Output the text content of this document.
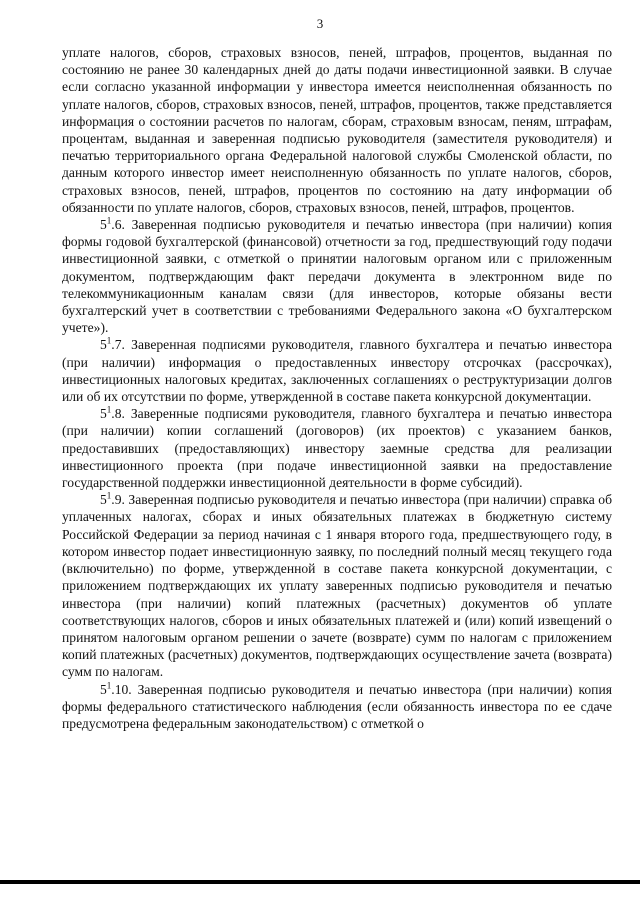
3

уплате налогов, сборов, страховых взносов, пеней, штрафов, процентов, выданная по состоянию не ранее 30 календарных дней до даты подачи инвестиционной заявки. В случае если согласно указанной информации у инвестора имеется неисполненная обязанность по уплате налогов, сборов, страховых взносов, пеней, штрафов, процентов, также представляется информация о состоянии расчетов по налогам, сборам, страховым взносам, пеням, штрафам, процентам, выданная и заверенная подписью руководителя (заместителя руководителя) и печатью территориального органа Федеральной налоговой службы Смоленской области, по данным которого инвестор имеет неисполненную обязанность по уплате налогов, сборов, страховых взносов, пеней, штрафов, процентов по состоянию на дату информации об обязанности по уплате налогов, сборов, страховых взносов, пеней, штрафов, процентов.

$5^1.6$. Заверенная подписью руководителя и печатью инвестора (при наличии) копия формы годовой бухгалтерской (финансовой) отчетности за год, предшествующий году подачи инвестиционной заявки, с отметкой о принятии налоговым органом или с приложенным документом, подтверждающим факт передачи документа в электронном виде по телекоммуникационным каналам связи (для инвесторов, которые обязаны вести бухгалтерский учет в соответствии с требованиями Федерального закона «О бухгалтерском учете»).

$5^1.7$. Заверенная подписями руководителя, главного бухгалтера и печатью инвестора (при наличии) информация о предоставленных инвестору отсрочках (рассрочках), инвестиционных налоговых кредитах, заключенных соглашениях о реструктуризации долгов или об их отсутствии по форме, утвержденной в составе пакета конкурсной документации.

$5^1.8$. Заверенные подписями руководителя, главного бухгалтера и печатью инвестора (при наличии) копии соглашений (договоров) (их проектов) с указанием банков, предоставивших (предоставляющих) инвестору заемные средства для реализации инвестиционного проекта (при подаче инвестиционной заявки на предоставление государственной поддержки инвестиционной деятельности в форме субсидий).

$5^1.9$. Заверенная подписью руководителя и печатью инвестора (при наличии) справка об уплаченных налогах, сборах и иных обязательных платежах в бюджетную систему Российской Федерации за период начиная с 1 января второго года, предшествующего году, в котором инвестор подает инвестиционную заявку, по последний полный месяц текущего года (включительно) по форме, утвержденной в составе пакета конкурсной документации, с приложением подтверждающих их уплату заверенных подписью руководителя и печатью инвестора (при наличии) копий платежных (расчетных) документов об уплате соответствующих налогов, сборов и иных обязательных платежей и (или) копий извещений о принятом налоговым органом решении о зачете (возврате) сумм по налогам с приложением копий платежных (расчетных) документов, подтверждающих осуществление зачета (возврата) сумм по налогам.

$5^1.10$. Заверенная подписью руководителя и печатью инвестора (при наличии) копия формы федерального статистического наблюдения (если обязанность инвестора по ее сдаче предусмотрена федеральным законодательством) с отметкой о
